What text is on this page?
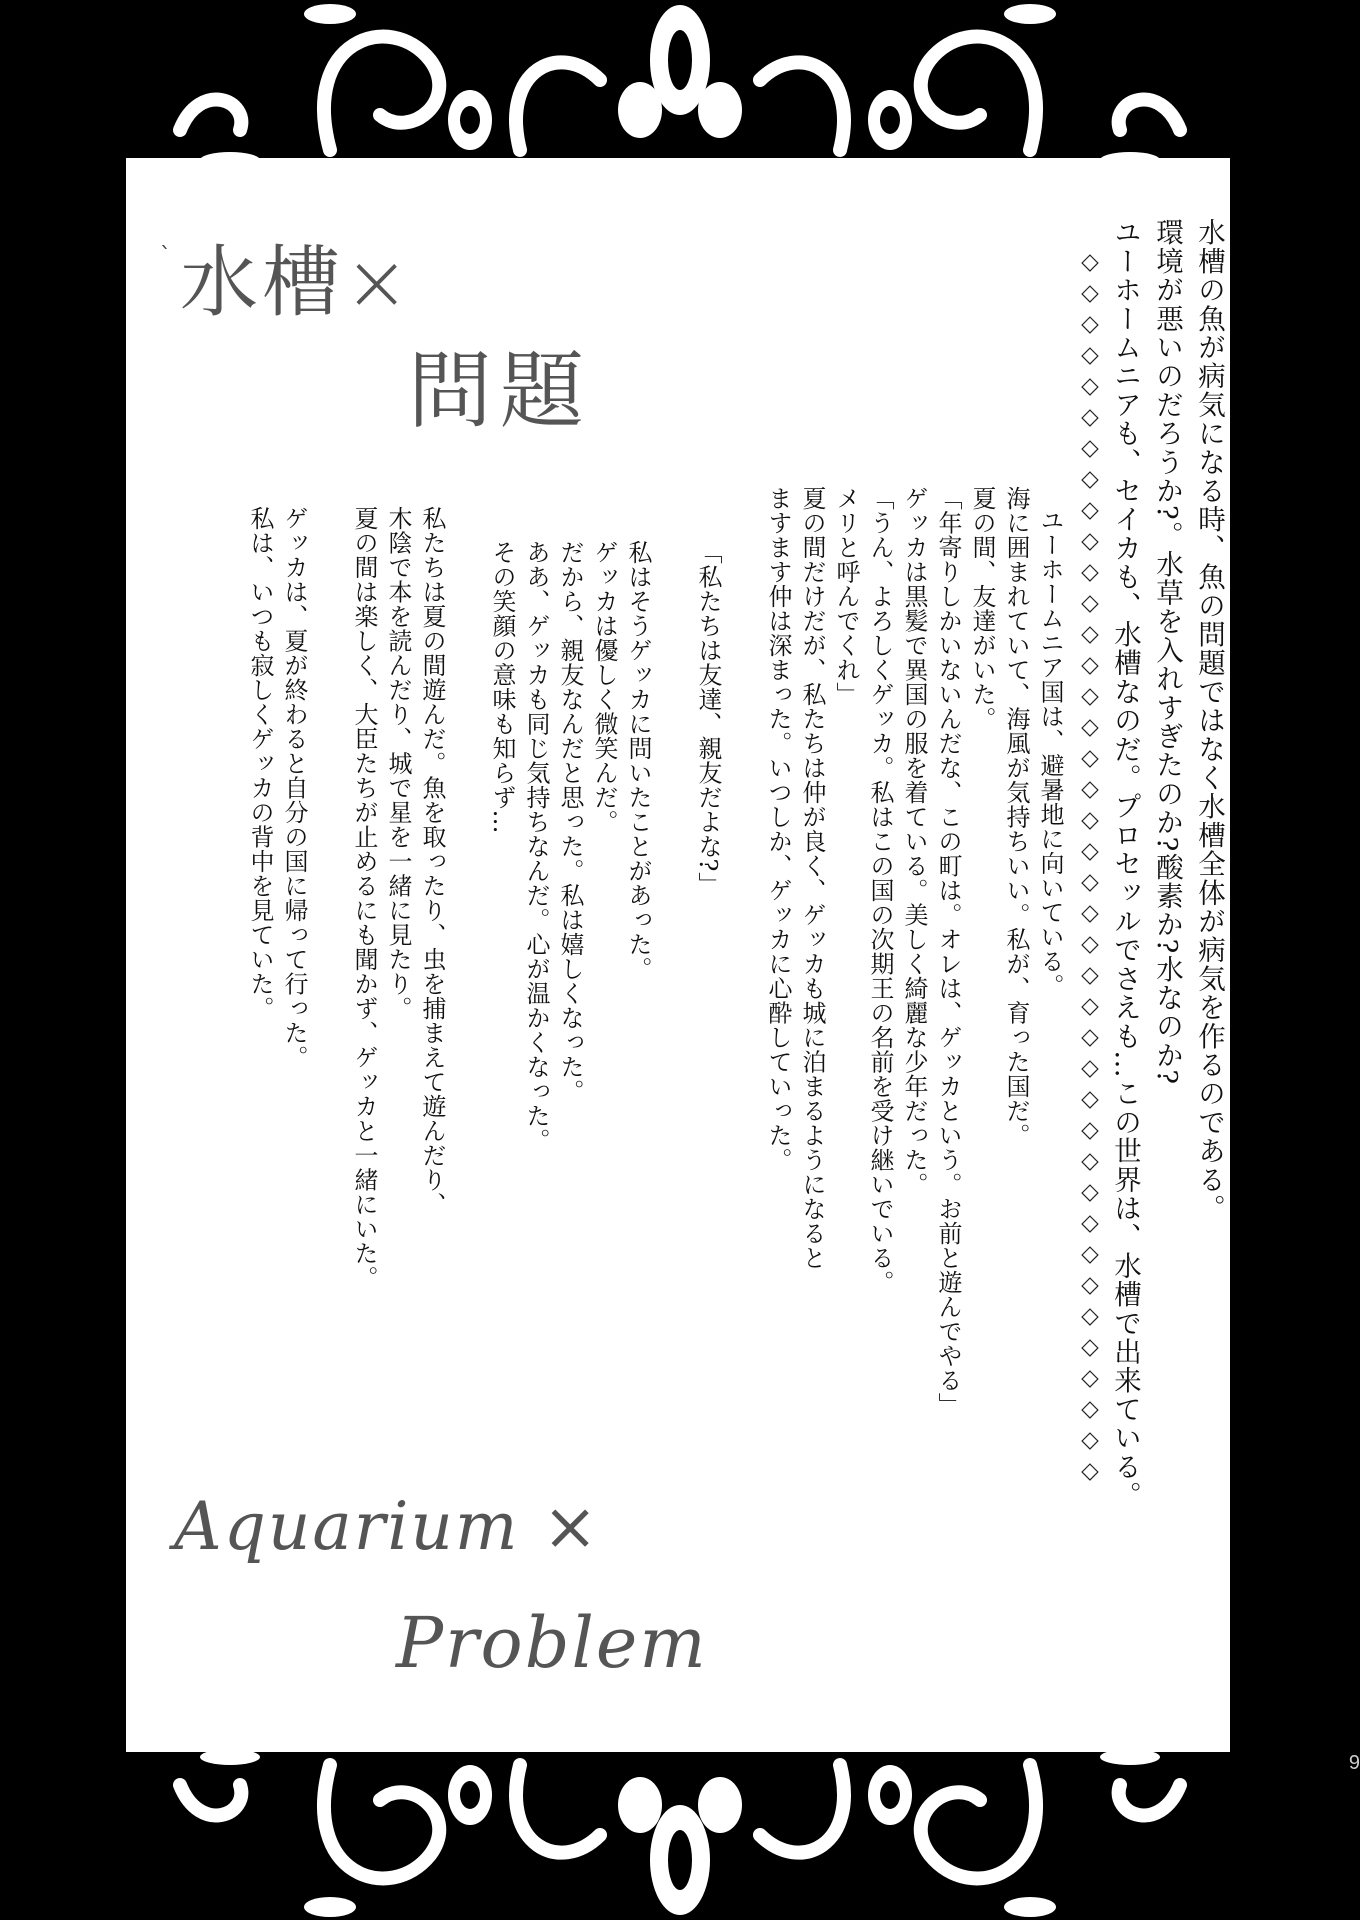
`	水槽の魚が病気になる時、魚の問題ではなく水槽全体が病気を作るのである。
環境が悪いのだろうか?。水草を入れすぎたのか?酸素か?水なのか?
ユーホームニアも、セイカも、水槽なのだ。プロセッルでさえも…この世界は、水槽で出来ている。
◇
◇
◇
◇
◇
◇
◇
◇
◇
◇
◇
◇
◇
◇
◇
◇
◇
◇
◇
◇
◇
◇
◇
◇
◇
◇
◇
◇
◇
◇
◇
◇
◇
◇
◇
◇
◇
◇
◇
◇
ユーホームニア国は、避暑地に向いている。
海に囲まれていて、海風が気持ちいい。私が、育った国だ。
夏の間、友達がいた。
「年寄りしかいないんだな、この町は。オレは、ゲッカという。お前と遊んでやる」
ゲッカは黒髪で異国の服を着ている。美しく綺麗な少年だった。
「うん、よろしくゲッカ。私はこの国の次期王の名前を受け継いでいる。
メリと呼んでくれ」
夏の間だけだが、私たちは仲が良く、ゲッカも城に泊まるようになると
ますます仲は深まった。いつしか、ゲッカに心酔していった。
「私たちは友達、親友だよな?」
私はそうゲッカに問いたことがあった。
ゲッカは優しく微笑んだ。
だから、親友なんだと思った。私は嬉しくなった。
ああ、ゲッカも同じ気持ちなんだ。心が温かくなった。
その笑顔の意味も知らず…
私たちは夏の間遊んだ。魚を取ったり、虫を捕まえて遊んだり、
木陰で本を読んだり、城で星を一緒に見たり。
夏の間は楽しく、大臣たちが止めるにも聞かず、ゲッカと一緒にいた。
ゲッカは、夏が終わると自分の国に帰って行った。
私は、いつも寂しくゲッカの背中を見ていた。
水槽×
問題
Aquarium ×
Problem
9
